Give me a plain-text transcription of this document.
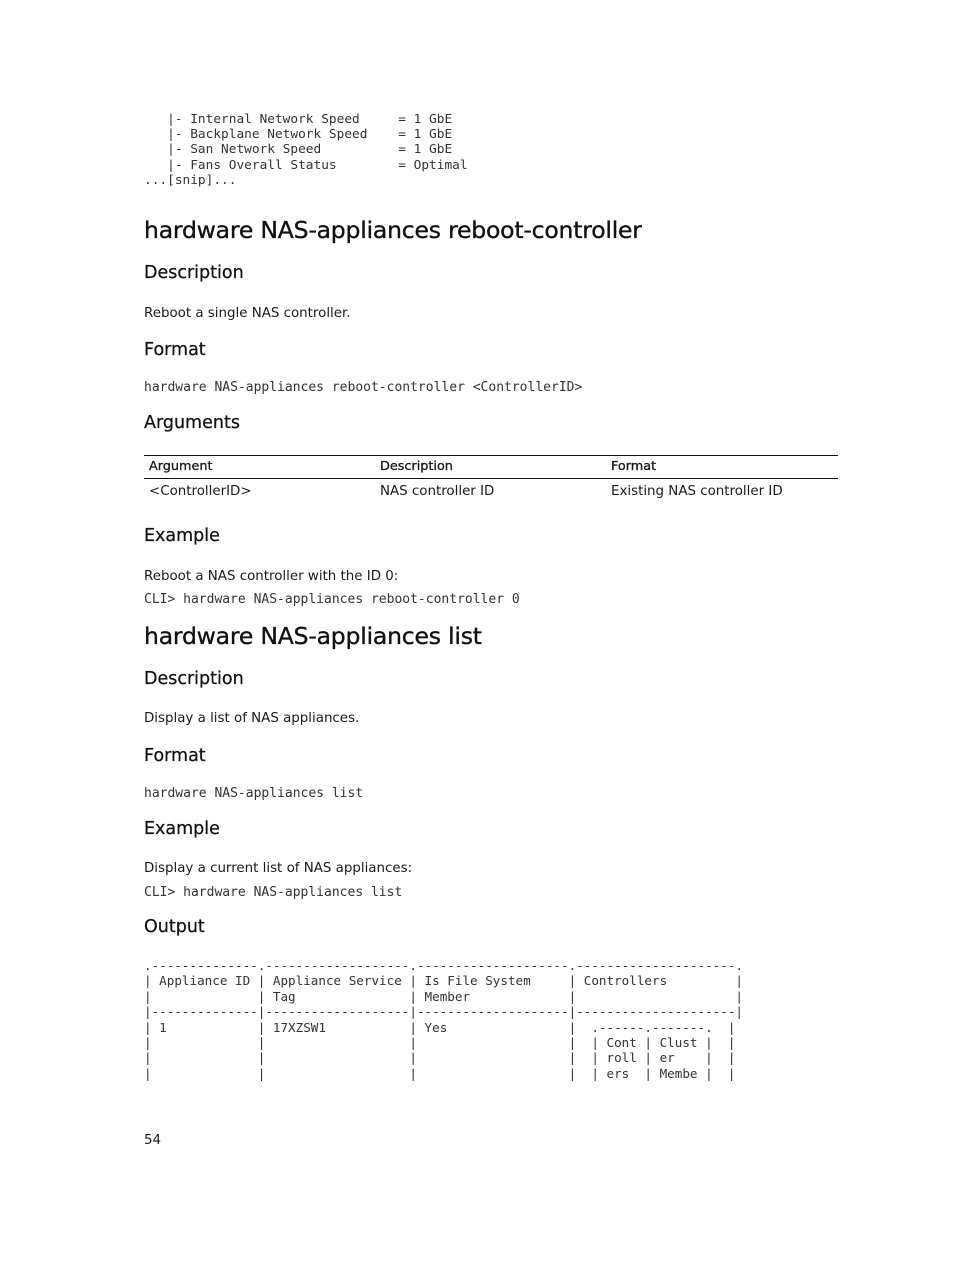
|- Internal Network Speed     = 1 GbE
|- Backplane Network Speed    = 1 GbE
|- San Network Speed          = 1 GbE
|- Fans Overall Status        = Optimal
...[snip]...
hardware NAS-appliances reboot-controller
Description

Reboot a single NAS controller.

Format
hardware NAS-appliances reboot-controller <ControllerID>
Arguments
Argument	Description	Format
<ControllerID>	NAS controller ID	Existing NAS controller ID
Example

Reboot a NAS controller with the ID 0:

CLI> hardware NAS-appliances reboot-controller 0
hardware NAS-appliances list
Description

Display a list of NAS appliances.

Format
hardware NAS-appliances list
Example

Display a current list of NAS appliances:

CLI> hardware NAS-appliances list
Output
.--------------.-------------------.--------------------.---------------------.
| Appliance ID | Appliance Service | Is File System     | Controllers         |
|              | Tag               | Member             |                     |
|--------------|-------------------|--------------------|---------------------|
| 1            | 17XZSW1           | Yes                |  .------.-------.  |
|              |                   |                    |  | Cont | Clust |  |
|              |                   |                    |  | roll | er    |  |
|              |                   |                    |  | ers  | Membe |  |
54
